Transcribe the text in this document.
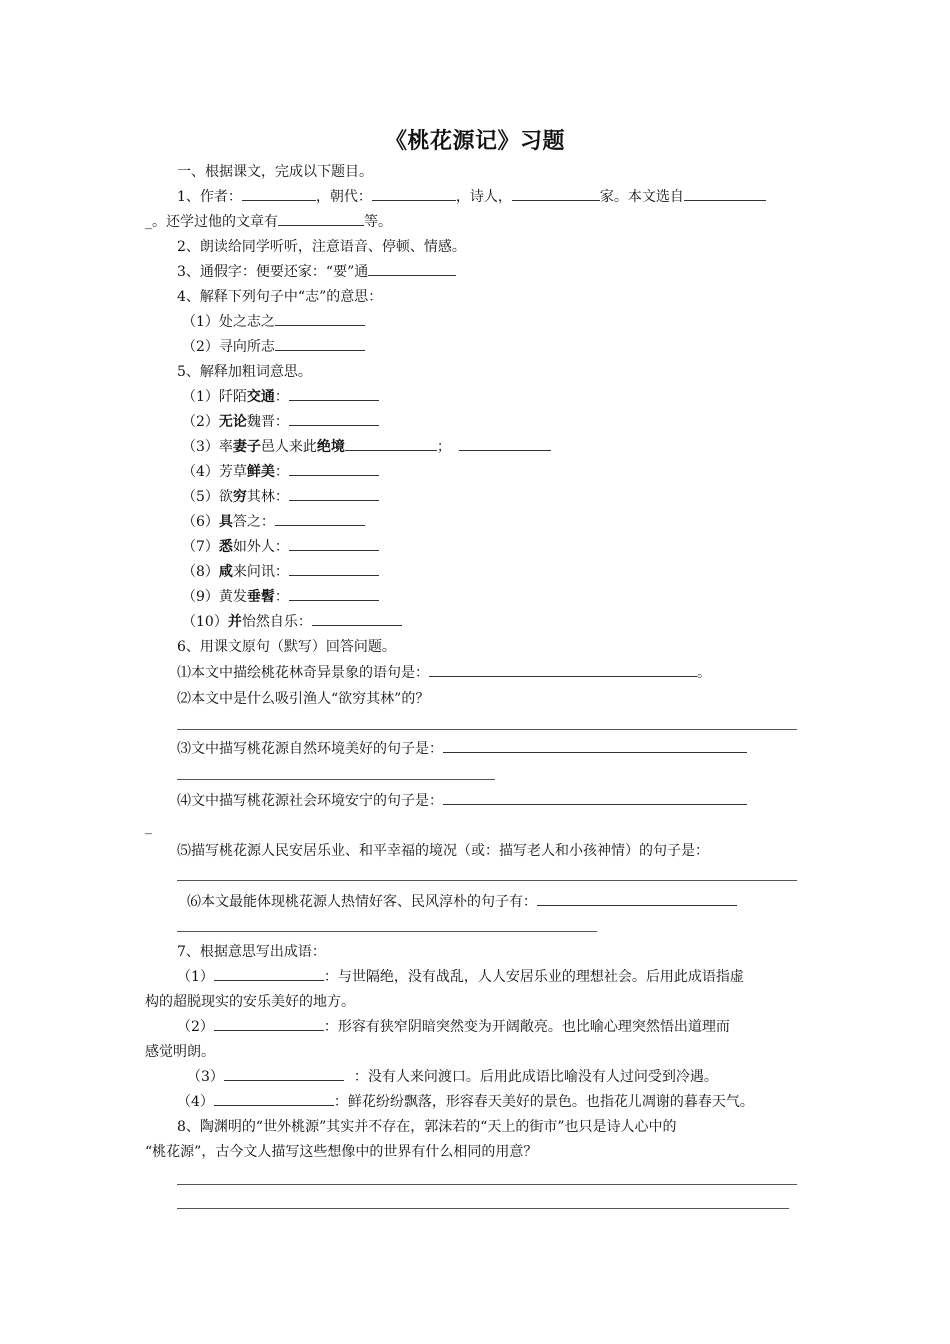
《桃花源记》习题
一、根据课文，完成以下题目。
1、作者：	，朝代：	，诗人，	家。本文选自
_。还学过他的文章有	等。
2、朗读给同学听听，注意语音、停顿、情感。
3、通假字：便要还家：“要”通
4、解释下列句子中“志”的意思：
（1）处之志之
（2）寻向所志
5、解释加粗词意思。
（1）阡陌交通：
（2）无论魏晋：
（3）率妻子邑人来此绝境	；
（4）芳草鲜美：
（5）欲穷其林：
（6）具答之：
（7）悉如外人：
（8）咸来问讯：
（9）黄发垂髫：
（10）并怡然自乐：
6、用课文原句（默写）回答问题。
⑴本文中描绘桃花林奇异景象的语句是：	。
⑵本文中是什么吸引渔人“欲穷其林”的？
⑶文中描写桃花源自然环境美好的句子是：
⑷文中描写桃花源社会环境安宁的句子是：
_
⑸描写桃花源人民安居乐业、和平幸福的境况（或：描写老人和小孩神情）的句子是：
⑹本文最能体现桃花源人热情好客、民风淳朴的句子有：
7、根据意思写出成语：
（1）	：与世隔绝，没有战乱，人人安居乐业的理想社会。后用此成语指虚
构的超脱现实的安乐美好的地方。
（2）	：形容有狭窄阴暗突然变为开阔敞亮。也比喻心理突然悟出道理而
感觉明朗。
（3）	：没有人来问渡口。后用此成语比喻没有人过问受到冷遇。
（4）	：鲜花纷纷飘落，形容春天美好的景色。也指花儿凋谢的暮春天气。
8、陶渊明的“世外桃源”其实并不存在，郭沫若的“天上的街市”也只是诗人心中的
“桃花源”，古今文人描写这些想像中的世界有什么相同的用意？
